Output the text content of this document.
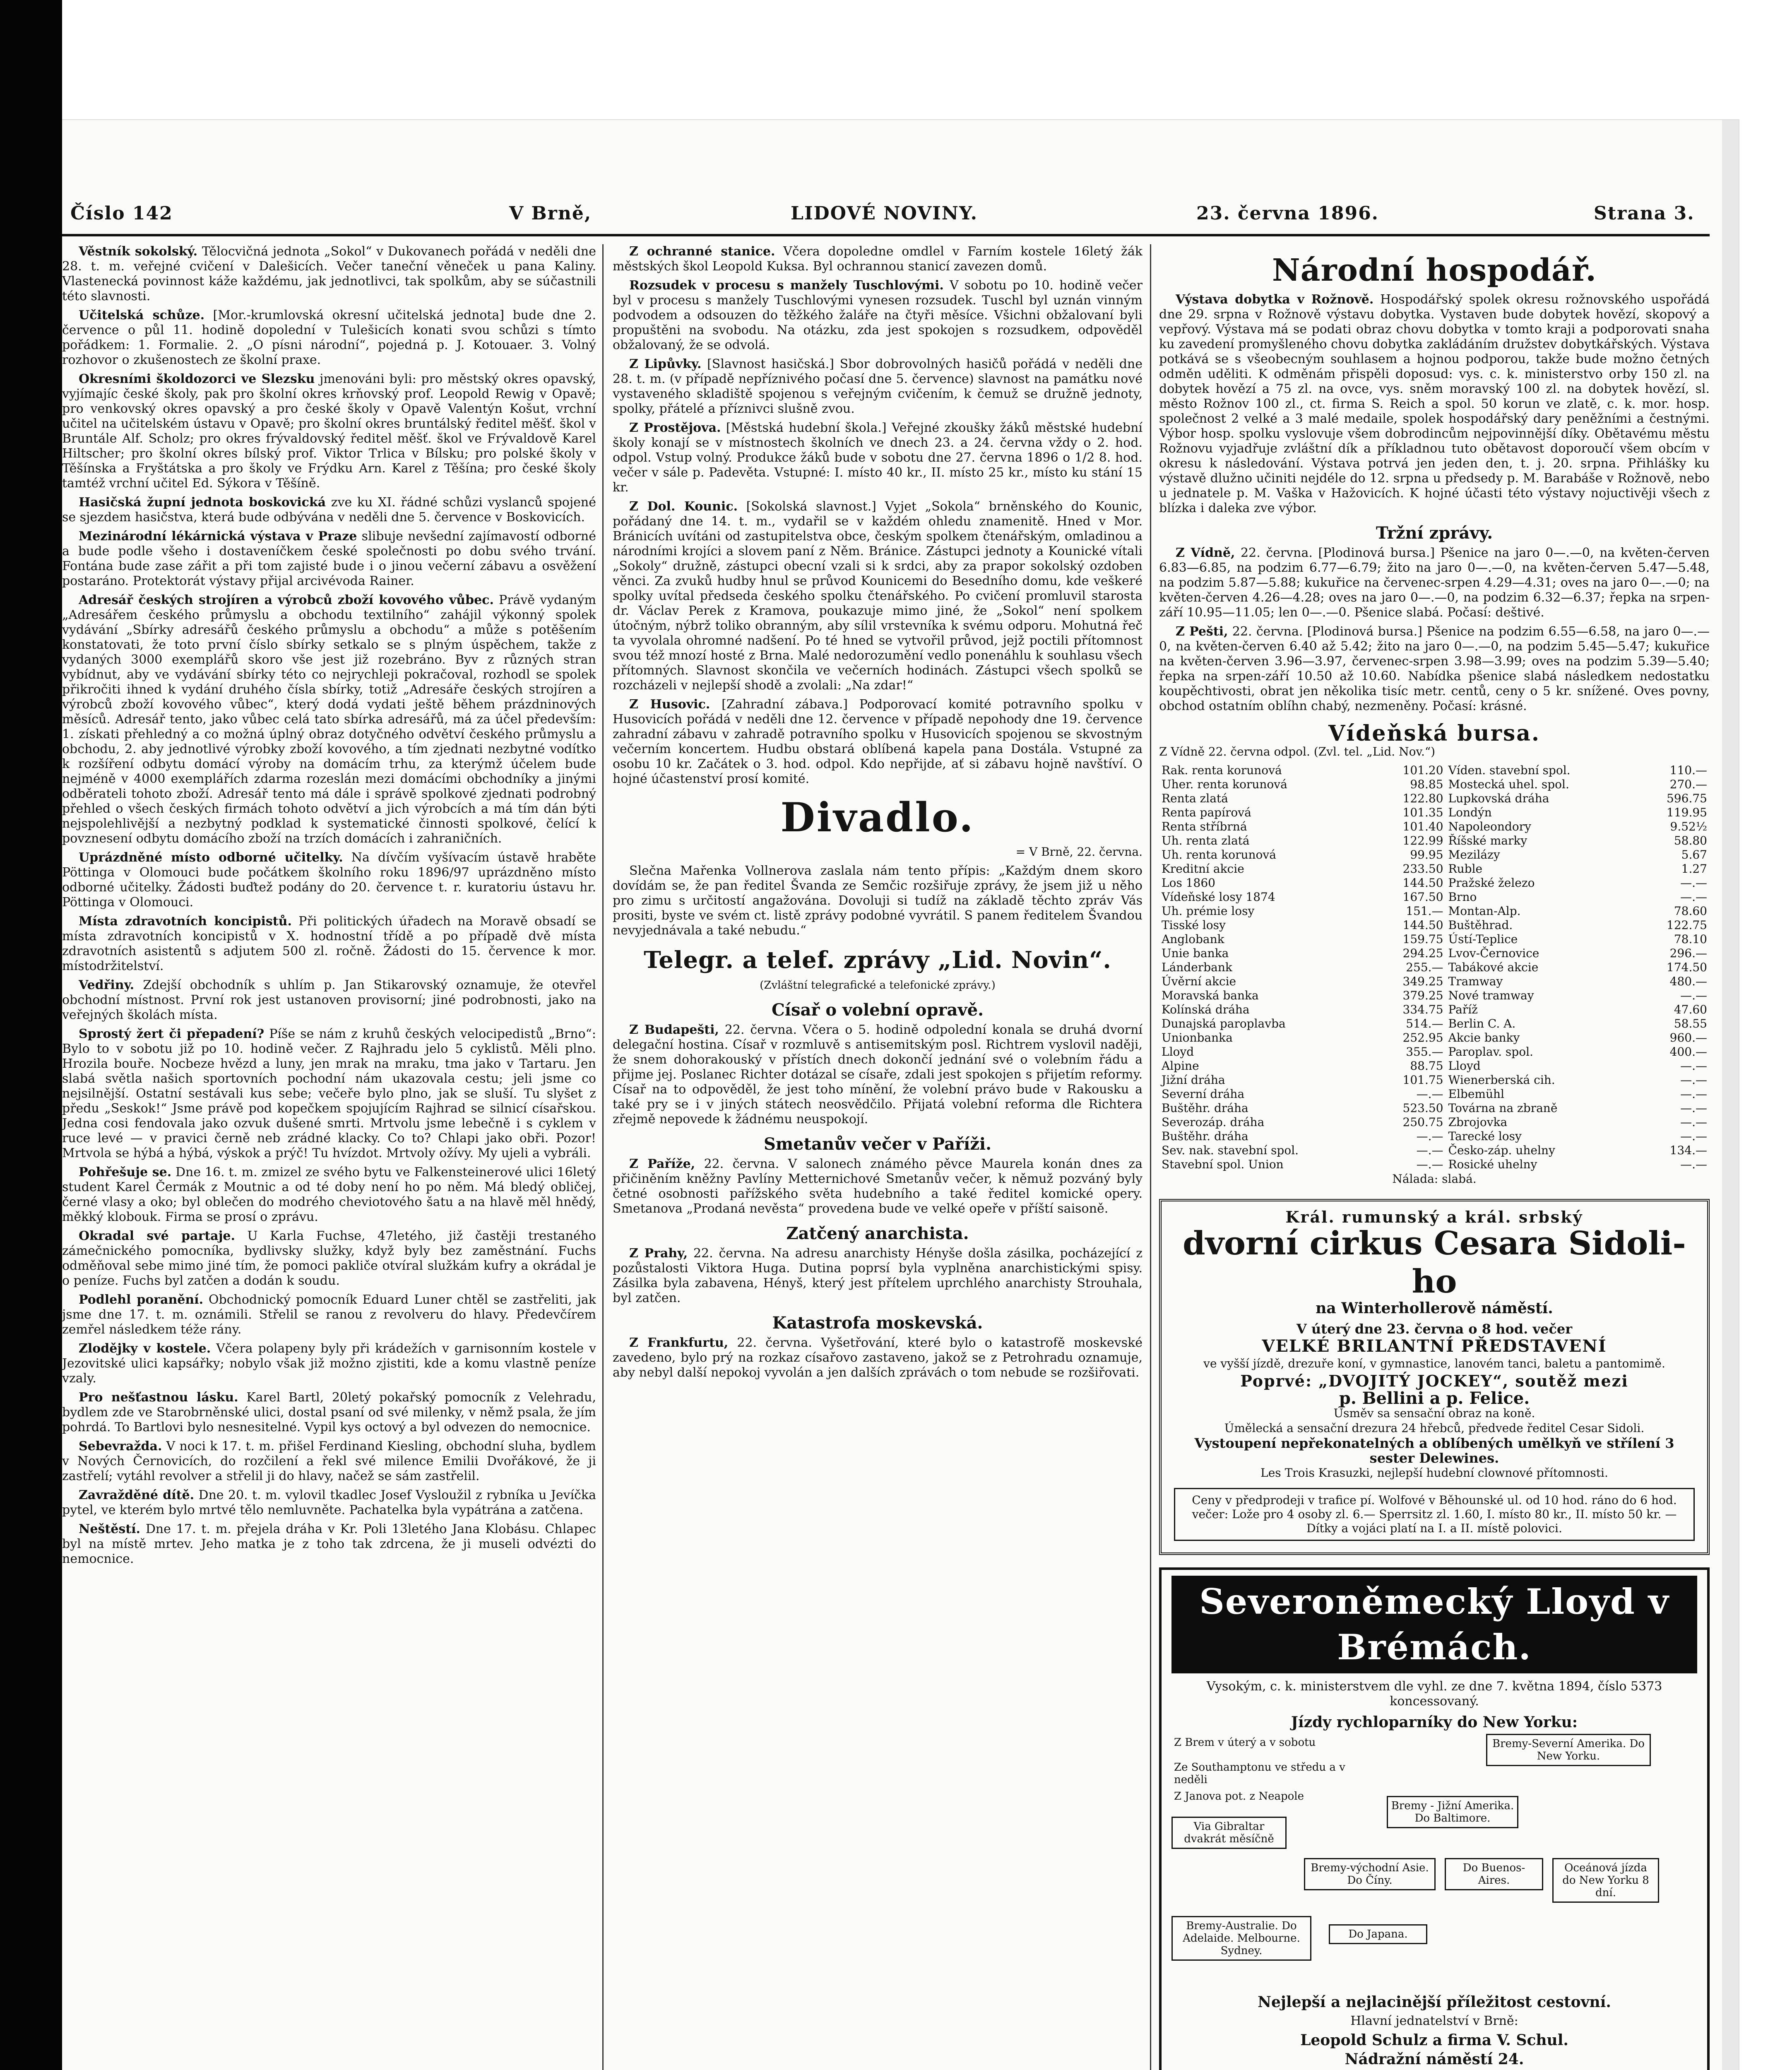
Číslo 142	V Brně,	LIDOVÉ NOVINY.	23. června 1896.	Strana 3.

Věstník sokolský. Tělocvičná jednota „Sokol“ v Dukovanech pořádá v neděli dne 28. t. m. veřejné cvičení v Dalešicích. Večer taneční věneček u pana Kaliny. Vlastenecká povinnost káže každému, jak jednotlivci, tak spolkům, aby se súčastnili této slavnosti.

Učitelská schůze. [Mor.-krumlovská okresní učitelská jednota] bude dne 2. července o půl 11. hodině dopolední v Tulešicích konati svou schůzi s tímto pořádkem: 1. Formalie. 2. „O písni národní“, pojedná p. J. Kotouaer. 3. Volný rozhovor o zkušenostech ze školní praxe.

Okresními školdozorci ve Slezsku jmenováni byli: pro městský okres opavský, vyjímajíc české školy, pak pro školní okres krňovský prof. Leopold Rewig v Opavě; pro venkovský okres opavský a pro české školy v Opavě Valentýn Košut, vrchní učitel na učitelském ústavu v Opavě; pro školní okres bruntálský ředitel měšť. škol v Bruntále Alf. Scholz; pro okres frývaldovský ředitel měšť. škol ve Frývaldově Karel Hiltscher; pro školní okres bílský prof. Viktor Trlica v Bílsku; pro polské školy v Těšínska a Fryštátska a pro školy ve Frýdku Arn. Karel z Těšína; pro české školy tamtéž vrchní učitel Ed. Sýkora v Těšíně.

Hasičská župní jednota boskovická zve ku XI. řádné schůzi vyslanců spojené se sjezdem hasičstva, která bude odbývána v neděli dne 5. července v Boskovicích.

Mezinárodní lékárnická výstava v Praze slibuje nevšední zajímavostí odborné a bude podle všeho i dostaveníčkem české společnosti po dobu svého trvání. Fontána bude zase zářit a při tom zajisté bude i o jinou večerní zábavu a osvěžení postaráno. Protektorát výstavy přijal arcivévoda Rainer.

Adresář českých strojíren a výrobců zboží kovového vůbec. Právě vydaným „Adresářem českého průmyslu a obchodu textilního“ zahájil výkonný spolek vydávání „Sbírky adresářů českého průmyslu a obchodu“ a může s potěšením konstatovati, že toto první číslo sbírky setkalo se s plným úspěchem, takže z vydaných 3000 exemplářů skoro vše jest již rozebráno. Byv z různých stran vybídnut, aby ve vydávání sbírky této co nejrychleji pokračoval, rozhodl se spolek přikročiti ihned k vydání druhého čísla sbírky, totiž „Adresáře českých strojíren a výrobců zboží kovového vůbec“, který dodá vydati ještě během prázdninových měsíců. Adresář tento, jako vůbec celá tato sbírka adresářů, má za účel především: 1. získati přehledný a co možná úplný obraz dotyčného odvětví českého průmyslu a obchodu, 2. aby jednotlivé výrobky zboží kovového, a tím zjednati nezbytné vodítko k rozšíření odbytu domácí výroby na domácím trhu, za kterýmž účelem bude nejméně v 4000 exemplářích zdarma rozeslán mezi domácími obchodníky a jinými odběrateli tohoto zboží. Adresář tento má dále i správě spolkové zjednati podrobný přehled o všech českých firmách tohoto odvětví a jich výrobcích a má tím dán býti nejspolehlivější a nezbytný podklad k systematické činnosti spolkové, čelící k povznesení odbytu domácího zboží na trzích domácích i zahraničních.

Uprázdněné místo odborné učitelky. Na dívčím vyšívacím ústavě hraběte Pöttinga v Olomouci bude počátkem školního roku 1896/97 uprázdněno místo odborné učitelky. Žádosti buďtež podány do 20. července t. r. kuratoriu ústavu hr. Pöttinga v Olomouci.

Místa zdravotních koncipistů. Při politických úřadech na Moravě obsadí se místa zdravotních koncipistů v X. hodnostní třídě a po případě dvě místa zdravotních asistentů s adjutem 500 zl. ročně. Žádosti do 15. července k mor. místodržitelství.

Vedřiny. Zdejší obchodník s uhlím p. Jan Stikarovský oznamuje, že otevřel obchodní místnost. První rok jest ustanoven provisorní; jiné podrobnosti, jako na veřejných školách místa.

Sprostý žert či přepadení? Píše se nám z kruhů českých velocipedistů „Brno“: Bylo to v sobotu již po 10. hodině večer. Z Rajhradu jelo 5 cyklistů. Měli plno. Hrozila bouře. Nocbeze hvězd a luny, jen mrak na mraku, tma jako v Tartaru. Jen slabá světla našich sportovních pochodní nám ukazovala cestu; jeli jsme co nejsilnější. Ostatní sestávali kus sebe; večeře bylo plno, jak se sluší. Tu slyšet z předu „Seskok!“ Jsme právě pod kopečkem spojujícím Rajhrad se silnicí císařskou. Jedna cosi fendovala jako ozvuk dušené smrti. Mrtvolu jsme lebečně i s cyklem v ruce levé — v pravici černě neb zrádné klacky. Co to? Chlapi jako obři. Pozor! Mrtvola se hýbá a hýbá, výskok a prýč! Tu hvízdot. Mrtvoly ožívy. My ujeli a vybráli.

Pohřešuje se. Dne 16. t. m. zmizel ze svého bytu ve Falkensteinerové ulici 16letý student Karel Čermák z Moutnic a od té doby není ho po něm. Má bledý obličej, černé vlasy a oko; byl oblečen do modrého cheviotového šatu a na hlavě měl hnědý, měkký klobouk. Firma se prosí o zprávu.

Okradal své partaje. U Karla Fuchse, 47letého, již častěji trestaného zámečnického pomocníka, bydlivsky služky, když byly bez zaměstnání. Fuchs odměňoval sebe mimo jiné tím, že pomoci pakliče otvíral služkám kufry a okrádal je o peníze. Fuchs byl zatčen a dodán k soudu.

Podlehl poranění. Obchodnický pomocník Eduard Luner chtěl se zastřeliti, jak jsme dne 17. t. m. oznámili. Střelil se ranou z revolveru do hlavy. Předevčírem zemřel následkem téže rány.

Zlodějky v kostele. Včera polapeny byly při krádežích v garnisonním kostele v Jezovitské ulici kapsářky; nobylo však již možno zjistiti, kde a komu vlastně peníze vzaly.

Pro nešťastnou lásku. Karel Bartl, 20letý pokařský pomocník z Velehradu, bydlem zde ve Starobrněnské ulici, dostal psaní od své milenky, v němž psala, že jím pohrdá. To Bartlovi bylo nesnesitelné. Vypil kys octový a byl odvezen do nemocnice.

Sebevražda. V noci k 17. t. m. přišel Ferdinand Kiesling, obchodní sluha, bydlem v Nových Černovicích, do rozčilení a řekl své milence Emilii Dvořákové, že ji zastřelí; vytáhl revolver a střelil ji do hlavy, načež se sám zastřelil.

Zavražděné dítě. Dne 20. t. m. vylovil tkadlec Josef Vysloužil z rybníka u Jevíčka pytel, ve kterém bylo mrtvé tělo nemluvněte. Pachatelka byla vypátrána a zatčena.

Neštěstí. Dne 17. t. m. přejela dráha v Kr. Poli 13letého Jana Klobásu. Chlapec byl na místě mrtev. Jeho matka je z toho tak zdrcena, že ji museli odvézti do nemocnice.

Z ochranné stanice. Včera dopoledne omdlel v Farním kostele 16letý žák městských škol Leopold Kuksa. Byl ochrannou stanicí zavezen domů.

Rozsudek v procesu s manžely Tuschlovými. V sobotu po 10. hodině večer byl v procesu s manžely Tuschlovými vynesen rozsudek. Tuschl byl uznán vinným podvodem a odsouzen do těžkého žaláře na čtyři měsíce. Všichni obžalovaní byli propuštěni na svobodu. Na otázku, zda jest spokojen s rozsudkem, odpověděl obžalovaný, že se odvolá.

Z Lipůvky. [Slavnost hasičská.] Sbor dobrovolných hasičů pořádá v neděli dne 28. t. m. (v případě nepříznivého počasí dne 5. července) slavnost na památku nové vystaveného skladiště spojenou s veřejným cvičením, k čemuž se družně jednoty, spolky, přátelé a příznivci slušně zvou.

Z Prostějova. [Městská hudební škola.] Veřejné zkoušky žáků městské hudební školy konají se v místnostech školních ve dnech 23. a 24. června vždy o 2. hod. odpol. Vstup volný. Produkce žáků bude v sobotu dne 27. června 1896 o 1/2 8. hod. večer v sále p. Padevěta. Vstupné: I. místo 40 kr., II. místo 25 kr., místo ku stání 15 kr.

Z Dol. Kounic. [Sokolská slavnost.] Vyjet „Sokola“ brněnského do Kounic, pořádaný dne 14. t. m., vydařil se v každém ohledu znamenitě. Hned v Mor. Bránicích uvítáni od zastupitelstva obce, českým spolkem čtenářským, omladinou a národními krojíci a slovem paní z Něm. Bránice. Zástupci jednoty a Kounické vítali „Sokoly“ družně, zástupci obecní vzali si k srdci, aby za prapor sokolský ozdoben věnci. Za zvuků hudby hnul se průvod Kounicemi do Besedního domu, kde veškeré spolky uvítal předseda českého spolku čtenářského. Po cvičení promluvil starosta dr. Václav Perek z Kramova, poukazuje mimo jiné, že „Sokol“ není spolkem útočným, nýbrž toliko obranným, aby sílil vrstevníka k svému odporu. Mohutná řeč ta vyvolala ohromné nadšení. Po té hned se vytvořil průvod, jejž poctili přítomnost svou též mnozí hosté z Brna. Malé nedorozumění vedlo ponenáhlu k souhlasu všech přítomných. Slavnost skončila ve večerních hodinách. Zástupci všech spolků se rozcházeli v nejlepší shodě a zvolali: „Na zdar!“

Z Husovic. [Zahradní zábava.] Podporovací komité potravního spolku v Husovicích pořádá v neděli dne 12. července v případě nepohody dne 19. července zahradní zábavu v zahradě potravního spolku v Husovicích spojenou se skvostným večerním koncertem. Hudbu obstará oblíbená kapela pana Dostála. Vstupné za osobu 10 kr. Začátek o 3. hod. odpol. Kdo nepřijde, ať si zábavu hojně navštíví. O hojné účastenství prosí komité.

Divadlo.
= V Brně, 22. června.

Slečna Mařenka Vollnerova zaslala nám tento přípis: „Každým dnem skoro dovídám se, že pan ředitel Švanda ze Semčic rozšiřuje zprávy, že jsem již u něho pro zimu s určitostí angažována. Dovoluji si tudíž na základě těchto zpráv Vás prositi, byste ve svém ct. listě zprávy podobné vyvrátil. S panem ředitelem Švandou nevyjednávala a také nebudu.“

Telegr. a telef. zprávy „Lid. Novin“.
(Zvláštní telegrafické a telefonické zprávy.)
Císař o volební opravě.

Z Budapešti, 22. června. Včera o 5. hodině odpolední konala se druhá dvorní delegační hostina. Císař v rozmluvě s antisemitským posl. Richtrem vyslovil naději, že snem dohorakouský v přístích dnech dokončí jednání své o volebním řádu a přijme jej. Poslanec Richter dotázal se císaře, zdali jest spokojen s přijetím reformy. Císař na to odpověděl, že jest toho mínění, že volební právo bude v Rakousku a také pry se i v jiných státech neosvědčilo. Přijatá volební reforma dle Richtera zřejmě nepovede k žádnému neuspokojí.

Smetanův večer v Paříži.

Z Paříže, 22. června. V salonech známého pěvce Maurela konán dnes za přičiněním kněžny Pavlíny Metternichové Smetanův večer, k němuž pozváný byly četné osobnosti pařížského světa hudebního a také ředitel komické opery. Smetanova „Prodaná nevěsta“ provedena bude ve velké opeře v příští saisoně.

Zatčený anarchista.

Z Prahy, 22. června. Na adresu anarchisty Hényše došla zásilka, pocházející z pozůstalosti Viktora Huga. Dutina poprsí byla vyplněna anarchistickými spisy. Zásilka byla zabavena, Hényš, který jest přítelem uprchlého anarchisty Strouhala, byl zatčen.

Katastrofa moskevská.

Z Frankfurtu, 22. června. Vyšetřování, které bylo o katastrofě moskevské zavedeno, bylo prý na rozkaz císařovo zastaveno, jakož se z Petrohradu oznamuje, aby nebyl další nepokoj vyvolán a jen dalších zprávách o tom nebude se rozšiřovati.

Národní hospodář.

Výstava dobytka v Rožnově. Hospodářský spolek okresu rožnovského uspořádá dne 29. srpna v Rožnově výstavu dobytka. Vystaven bude dobytek hovězí, skopový a vepřový. Výstava má se podati obraz chovu dobytka v tomto kraji a podporovati snaha ku zavedení promyšleného chovu dobytka zakládáním družstev dobytkářských. Výstava potkává se s všeobecným souhlasem a hojnou podporou, takže bude možno četných odměn uděliti. K odměnám přispěli doposud: vys. c. k. ministerstvo orby 150 zl. na dobytek hovězí a 75 zl. na ovce, vys. sněm moravský 100 zl. na dobytek hovězí, sl. město Rožnov 100 zl., ct. firma S. Reich a spol. 50 korun ve zlatě, c. k. mor. hosp. společnost 2 velké a 3 malé medaile, spolek hospodářský dary peněžními a čestnými. Výbor hosp. spolku vyslovuje všem dobrodincům nejpovinnější díky. Obětavému městu Rožnovu vyjadřuje zvláštní dík a příkladnou tuto obětavost doporoučí všem obcím v okresu k následování. Výstava potrvá jen jeden den, t. j. 20. srpna. Přihlášky ku výstavě dlužno učiniti nejdéle do 12. srpna u předsedy p. M. Barabáše v Rožnově, nebo u jednatele p. M. Vaška v Hažovicích. K hojné účasti této výstavy nojuctivěji všech z blízka i daleka zve výbor.

Tržní zprávy.

Z Vídně, 22. června. [Plodinová bursa.] Pšenice na jaro 0—.—0, na květen-červen 6.83—6.85, na podzim 6.77—6.79; žito na jaro 0—.—0, na květen-červen 5.47—5.48, na podzim 5.87—5.88; kukuřice na červenec-srpen 4.29—4.31; oves na jaro 0—.—0; na květen-červen 4.26—4.28; oves na jaro 0—.—0, na podzim 6.32—6.37; řepka na srpen-září 10.95—11.05; len 0—.—0. Pšenice slabá. Počasí: deštivé.

Z Pešti, 22. června. [Plodinová bursa.] Pšenice na podzim 6.55—6.58, na jaro 0—.—0, na květen-červen 6.40 až 5.42; žito na jaro 0—.—0, na podzim 5.45—5.47; kukuřice na květen-červen 3.96—3.97, červenec-srpen 3.98—3.99; oves na podzim 5.39—5.40; řepka na srpen-září 10.50 až 10.60. Nabídka pšenice slabá následkem nedostatku koupěchtivosti, obrat jen několika tisíc metr. centů, ceny o 5 kr. snížené. Oves povny, obchod ostatním oblíhn chabý, nezmeněny. Počasí: krásné.

Vídeňská bursa.
Z Vídně 22. června odpol. (Zvl. tel. „Lid. Nov.“)
Rak. renta korunová	101.20	Víden. stavební spol.	110.—
Uher. renta korunová	98.85	Mostecká uhel. spol.	270.—
Renta zlatá	122.80	Lupkovská dráha	596.75
Renta papírová	101.35	Londýn	119.95
Renta stříbrná	101.40	Napoleondory	9.52½
Uh. renta zlatá	122.99	Říšské marky	58.80
Uh. renta korunová	99.95	Mezilázy	5.67
Kreditní akcie	233.50	Ruble	1.27
Los 1860	144.50	Pražské železo	—.—
Vídeňské losy 1874	167.50	Brno	—.—
Uh. prémie losy	151.—	Montan-Alp.	78.60
Tisské losy	144.50	Buštěhrad.	122.75
Anglobank	159.75	Ústí-Teplice	78.10
Unie banka	294.25	Lvov-Černovice	296.—
Lánderbank	255.—	Tabákové akcie	174.50
Úvěrní akcie	349.25	Tramway	480.—
Moravská banka	379.25	Nové tramway	—.—
Kolínská dráha	334.75	Paříž	47.60
Dunajská paroplavba	514.—	Berlin C. A.	58.55
Unionbanka	252.95	Akcie banky	960.—
Lloyd	355.—	Paroplav. spol.	400.—
Alpine	88.75	Lloyd	—.—
Jižní dráha	101.75	Wienerberská cih.	—.—
Severní dráha	—.—	Elbemühl	—.—
Buštěhr. dráha	523.50	Továrna na zbraně	—.—
Severozáp. dráha	250.75	Zbrojovka	—.—
Buštěhr. dráha	—.—	Tarecké losy	—.—
Sev. nak. stavební spol.	—.—	Česko-záp. uhelny	134.—
Stavební spol. Union	—.—	Rosické uhelny	—.—
Nálada: slabá.
Král. rumunský a král. srbský
dvorní cirkus Cesara Sidoli-ho
na Winterhollerově náměstí.
V úterý dne 23. června o 8 hod. večer
VELKÉ BRILANTNÍ PŘEDSTAVENÍ
ve vyšší jízdě, drezuře koní, v gymnastice, lanovém tanci, baletu a pantomimě.
Poprvé: „DVOJITÝ JOCKEY“, soutěž mezi
p. Bellini a p. Felice.
Úsměv sa sensační obraz na koně.
Úmělecká a sensační drezura 24 hřebců, předvede ředitel Cesar Sidoli.
Vystoupení nepřekonatelných a oblíbených umělkyň ve střílení 3 sester Delewines.
Les Trois Krasuzki, nejlepší hudební clownové přítomnosti.
Ceny v předprodeji v trafice pí. Wolfové v Běhounské ul. od 10 hod. ráno do 6 hod. večer: Lože pro 4 osoby zl. 6.— Sperrsitz zl. 1.60, I. místo 80 kr., II. místo 50 kr. — Dítky a vojáci platí na I. a II. místě polovici.
Severoněmecký Lloyd v Brémách.
Vysokým, c. k. ministerstvem dle vyhl. ze dne 7. května 1894, číslo 5373 koncessovaný.
Jízdy rychloparníky do New Yorku:
Z Brem v úterý a v sobotu
Ze Southamptonu ve středu a v neděli
Z Janova pot. z Neapole
Via Gibraltar dvakrát měsíčně
Bremy-Severní Amerika. Do New Yorku.
Bremy - Jižní Amerika. Do Baltimore.
Bremy-východní Asie. Do Číny.
Do Buenos-Aires.
Bremy-Australie. Do Adelaide. Melbourne. Sydney.
Do Japana.
Oceánová jízda do New Yorku 8 dní.
Nejlepší a nejlacinější příležitost cestovní.
Hlavní jednatelství v Brně:
Leopold Schulz a firma V. Schul.
Nádražní náměstí 24.
